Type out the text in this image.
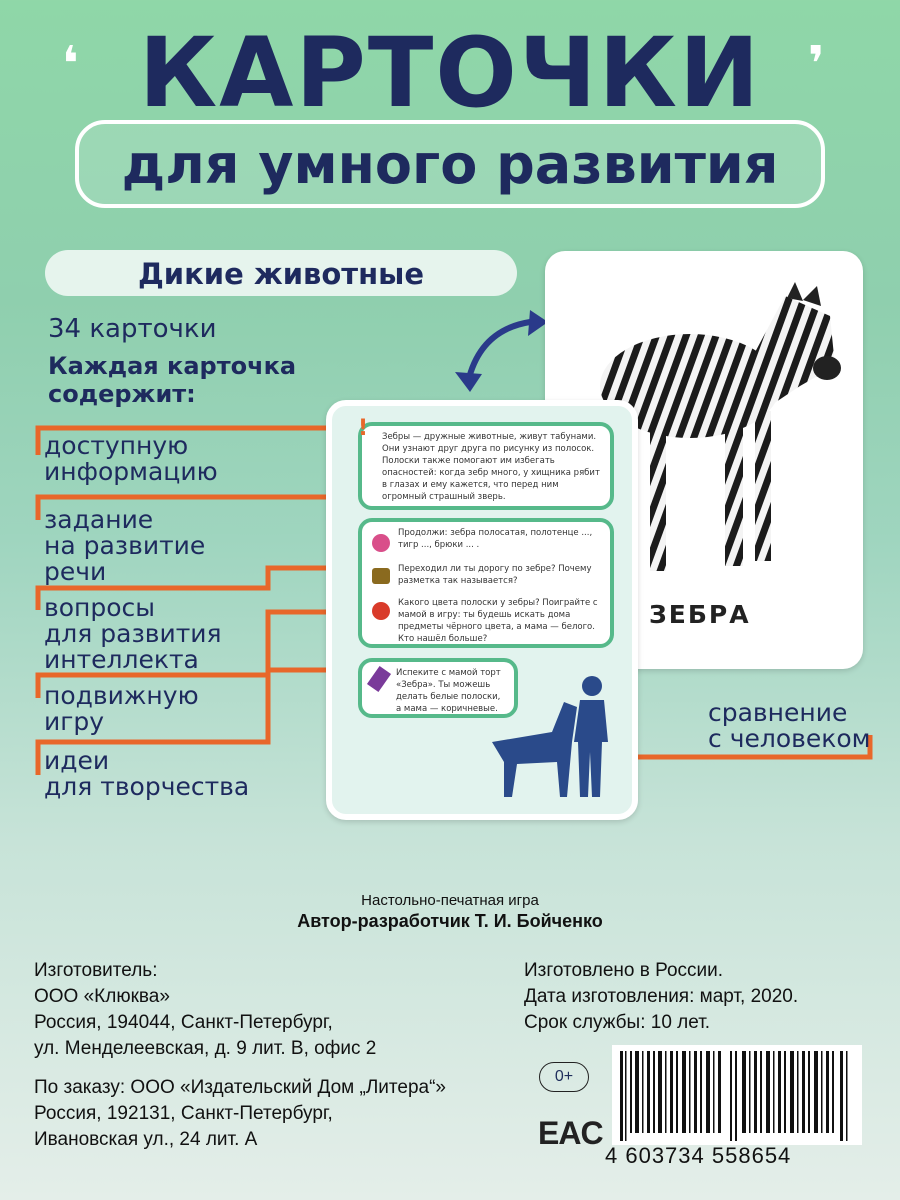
❛	❜
КАРТОЧКИ
для умного развития
Дикие животные
34 карточки
Каждая карточка
содержит:
доступную
информацию
задание
на развитие
речи
вопросы
для развития
интеллекта
подвижную
игру
идеи
для творчества
ЗЕБРА
Зебры — дружные животные, живут табунами. Они узнают друг друга по рисунку из полосок. Полоски также помогают им избегать опасностей: когда зебр много, у хищника рябит в глазах и ему кажется, что перед ним огромный страшный зверь.
!
Продолжи: зебра полосатая, полотенце ..., тигр ..., брюки ... .
Переходил ли ты дорогу по зебре? Почему разметка так называется?
Какого цвета полоски у зебры? Поиграйте с мамой в игру: ты будешь искать дома предметы чёрного цвета, а мама — белого. Кто нашёл больше?
Испеките с мамой торт «Зебра». Ты можешь делать белые полоски, а мама — коричневые.	сравнение
с человеком
Настольно-печатная игра
Автор-разработчик Т. И. Бойченко
Изготовитель:
ООО «Клюква»
Россия, 194044, Санкт-Петербург,
ул. Менделеевская, д. 9 лит. В, офис 2
Изготовлено в России.
Дата изготовления: март, 2020.
Срок службы: 10 лет.
По заказу: ООО «Издательский Дом „Литера“»
Россия, 192131, Санкт-Петербург,
Ивановская ул., 24 лит. А
0+
EAC
4 603734 558654
